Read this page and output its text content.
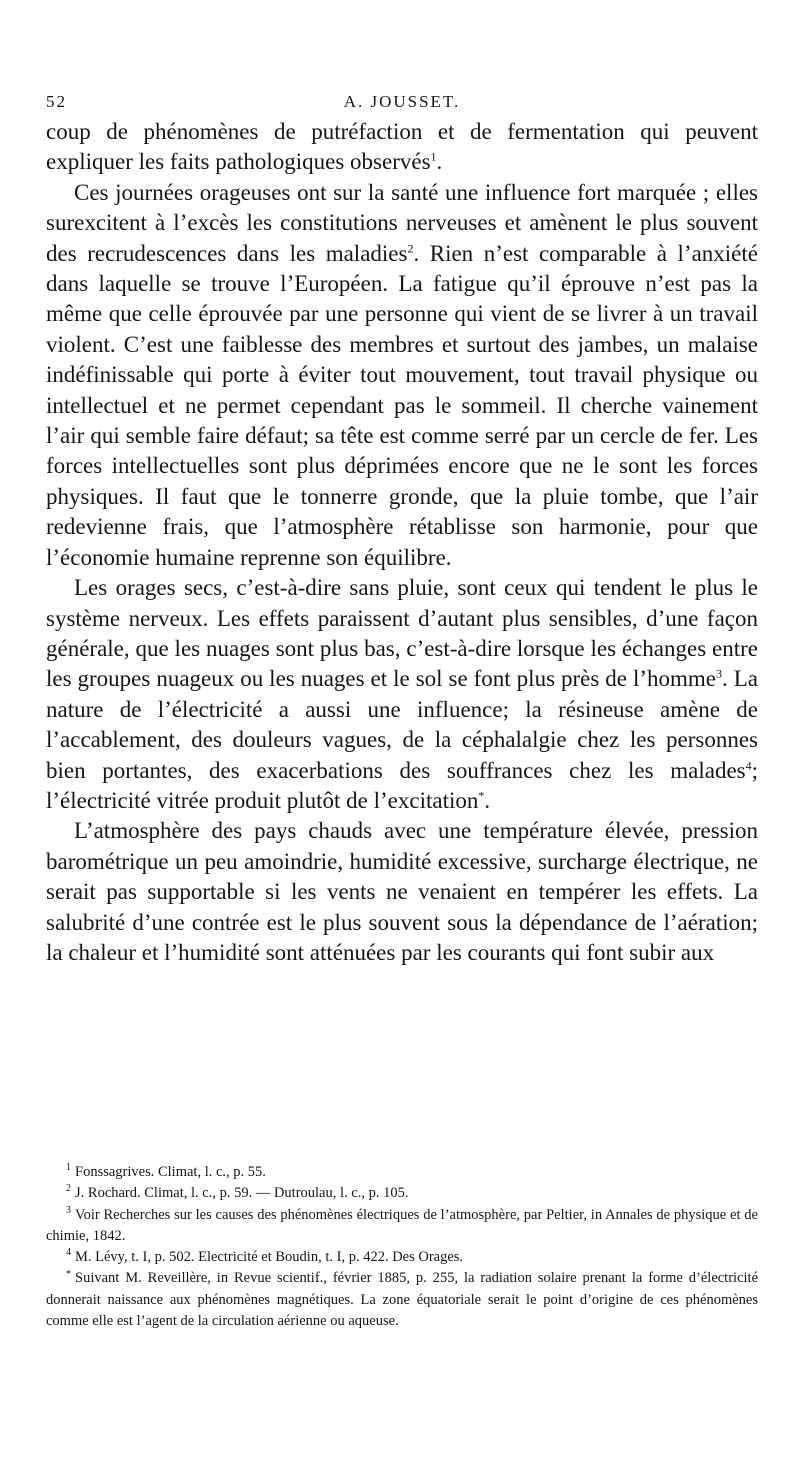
52	A. JOUSSET.

coup de phénomènes de putréfaction et de fermentation qui peuvent expliquer les faits pathologiques observés$^1$.

Ces journées orageuses ont sur la santé une influence fort marquée ; elles surexcitent à l’excès les constitutions nerveuses et amènent le plus souvent des recrudescences dans les maladies$^2$. Rien n’est comparable à l’anxiété dans laquelle se trouve l’Européen. La fatigue qu’il éprouve n’est pas la même que celle éprouvée par une personne qui vient de se livrer à un travail violent. C’est une faiblesse des membres et surtout des jambes, un malaise indéfinissable qui porte à éviter tout mouvement, tout travail physique ou intellectuel et ne permet cependant pas le sommeil. Il cherche vainement l’air qui semble faire défaut; sa tête est comme serré par un cercle de fer. Les forces intellectuelles sont plus déprimées encore que ne le sont les forces physiques. Il faut que le tonnerre gronde, que la pluie tombe, que l’air redevienne frais, que l’atmosphère rétablisse son harmonie, pour que l’économie humaine reprenne son équilibre.

Les orages secs, c’est-à-dire sans pluie, sont ceux qui tendent le plus le système nerveux. Les effets paraissent d’autant plus sensibles, d’une façon générale, que les nuages sont plus bas, c’est-à-dire lorsque les échanges entre les groupes nuageux ou les nuages et le sol se font plus près de l’homme$^3$. La nature de l’électricité a aussi une influence; la résineuse amène de l’accablement, des douleurs vagues, de la céphalalgie chez les personnes bien portantes, des exacerbations des souffrances chez les malades$^4$; l’électricité vitrée produit plutôt de l’excitation*.

L’atmosphère des pays chauds avec une température élevée, pression barométrique un peu amoindrie, humidité excessive, surcharge électrique, ne serait pas supportable si les vents ne venaient en tempérer les effets. La salubrité d’une contrée est le plus souvent sous la dépendance de l’aération; la chaleur et l’humidité sont atténuées par les courants qui font subir aux

$^1$ Fonssagrives. Climat, l. c., p. 55.

$^2$ J. Rochard. Climat, l. c., p. 59. — Dutroulau, l. c., p. 105.

$^3$ Voir Recherches sur les causes des phénomènes électriques de l’atmosphère, par Peltier, in Annales de physique et de chimie, 1842.

$^4$ M. Lévy, t. I, p. 502. Electricité et Boudin, t. I, p. 422. Des Orages.

* Suivant M. Reveillère, in Revue scientif., février 1885, p. 255, la radiation solaire prenant la forme d’électricité donnerait naissance aux phénomènes magnétiques. La zone équatoriale serait le point d’origine de ces phénomènes comme elle est l’agent de la circulation aérienne ou aqueuse.
